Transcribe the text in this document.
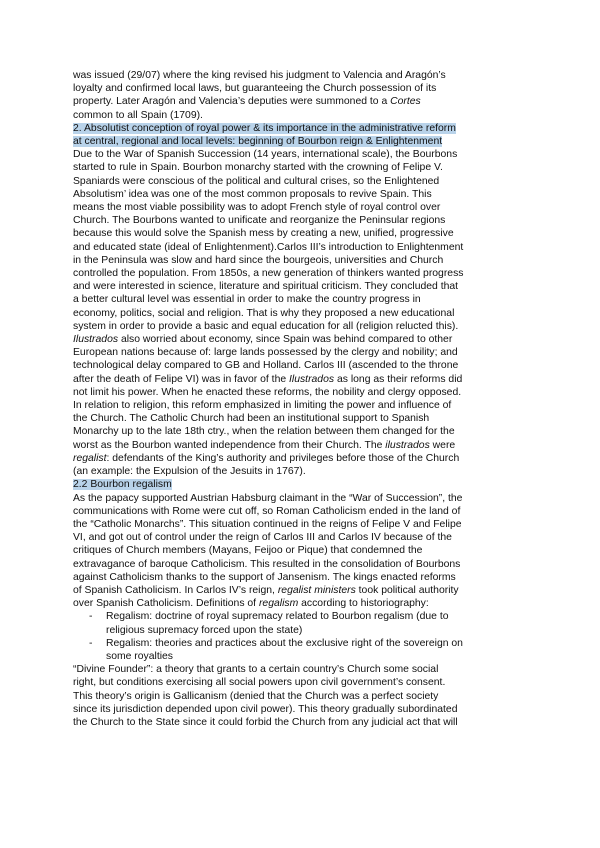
was issued (29/07) where the king revised his judgment to Valencia and Aragón’s

loyalty and confirmed local laws, but guaranteeing the Church possession of its

property. Later Aragón and Valencia’s deputies were summoned to a Cortes

common to all Spain (1709).

2. Absolutist conception of royal power & its importance in the administrative reform

at central, regional and local levels: beginning of Bourbon reign & Enlightenment

Due to the War of Spanish Succession (14 years, international scale), the Bourbons

started to rule in Spain. Bourbon monarchy started with the crowning of Felipe V.

Spaniards were conscious of the political and cultural crises, so the Enlightened

Absolutism’ idea was one of the most common proposals to revive Spain. This

means the most viable possibility was to adopt French style of royal control over

Church. The Bourbons wanted to unificate and reorganize the Peninsular regions

because this would solve the Spanish mess by creating a new, unified, progressive

and educated state (ideal of Enlightenment).Carlos III’s introduction to Enlightenment

in the Peninsula was slow and hard since the bourgeois, universities and Church

controlled the population. From 1850s, a new generation of thinkers wanted progress

and were interested in science, literature and spiritual criticism. They concluded that

a better cultural level was essential in order to make the country progress in

economy, politics, social and religion. That is why they proposed a new educational

system in order to provide a basic and equal education for all (religion relucted this).

Ilustrados also worried about economy, since Spain was behind compared to other

European nations because of: large lands possessed by the clergy and nobility; and

technological delay compared to GB and Holland. Carlos III (ascended to the throne

after the death of Felipe VI) was in favor of the Ilustrados as long as their reforms did

not limit his power. When he enacted these reforms, the nobility and clergy opposed.

In relation to religion, this reform emphasized in limiting the power and influence of

the Church. The Catholic Church had been an institutional support to Spanish

Monarchy up to the late 18th ctry., when the relation between them changed for the

worst as the Bourbon wanted independence from their Church. The ilustrados were

regalist: defendants of the King’s authority and privileges before those of the Church

(an example: the Expulsion of the Jesuits in 1767).

2.2 Bourbon regalism

As the papacy supported Austrian Habsburg claimant in the “War of Succession”, the

communications with Rome were cut off, so Roman Catholicism ended in the land of

the “Catholic Monarchs”. This situation continued in the reigns of Felipe V and Felipe

VI, and got out of control under the reign of Carlos III and Carlos IV because of the

critiques of Church members (Mayans, Feijoo or Pique) that condemned the

extravagance of baroque Catholicism. This resulted in the consolidation of Bourbons

against Catholicism thanks to the support of Jansenism. The kings enacted reforms

of Spanish Catholicism. In Carlos IV’s reign, regalist ministers took political authority

over Spanish Catholicism. Definitions of regalism according to historiography:

- Regalism: doctrine of royal supremacy related to Bourbon regalism (due to

religious supremacy forced upon the state)

- Regalism: theories and practices about the exclusive right of the sovereign on

some royalties

“Divine Founder”: a theory that grants to a certain country’s Church some social

right, but conditions exercising all social powers upon civil government’s consent.

This theory’s origin is Gallicanism (denied that the Church was a perfect society

since its jurisdiction depended upon civil power). This theory gradually subordinated

the Church to the State since it could forbid the Church from any judicial act that will
